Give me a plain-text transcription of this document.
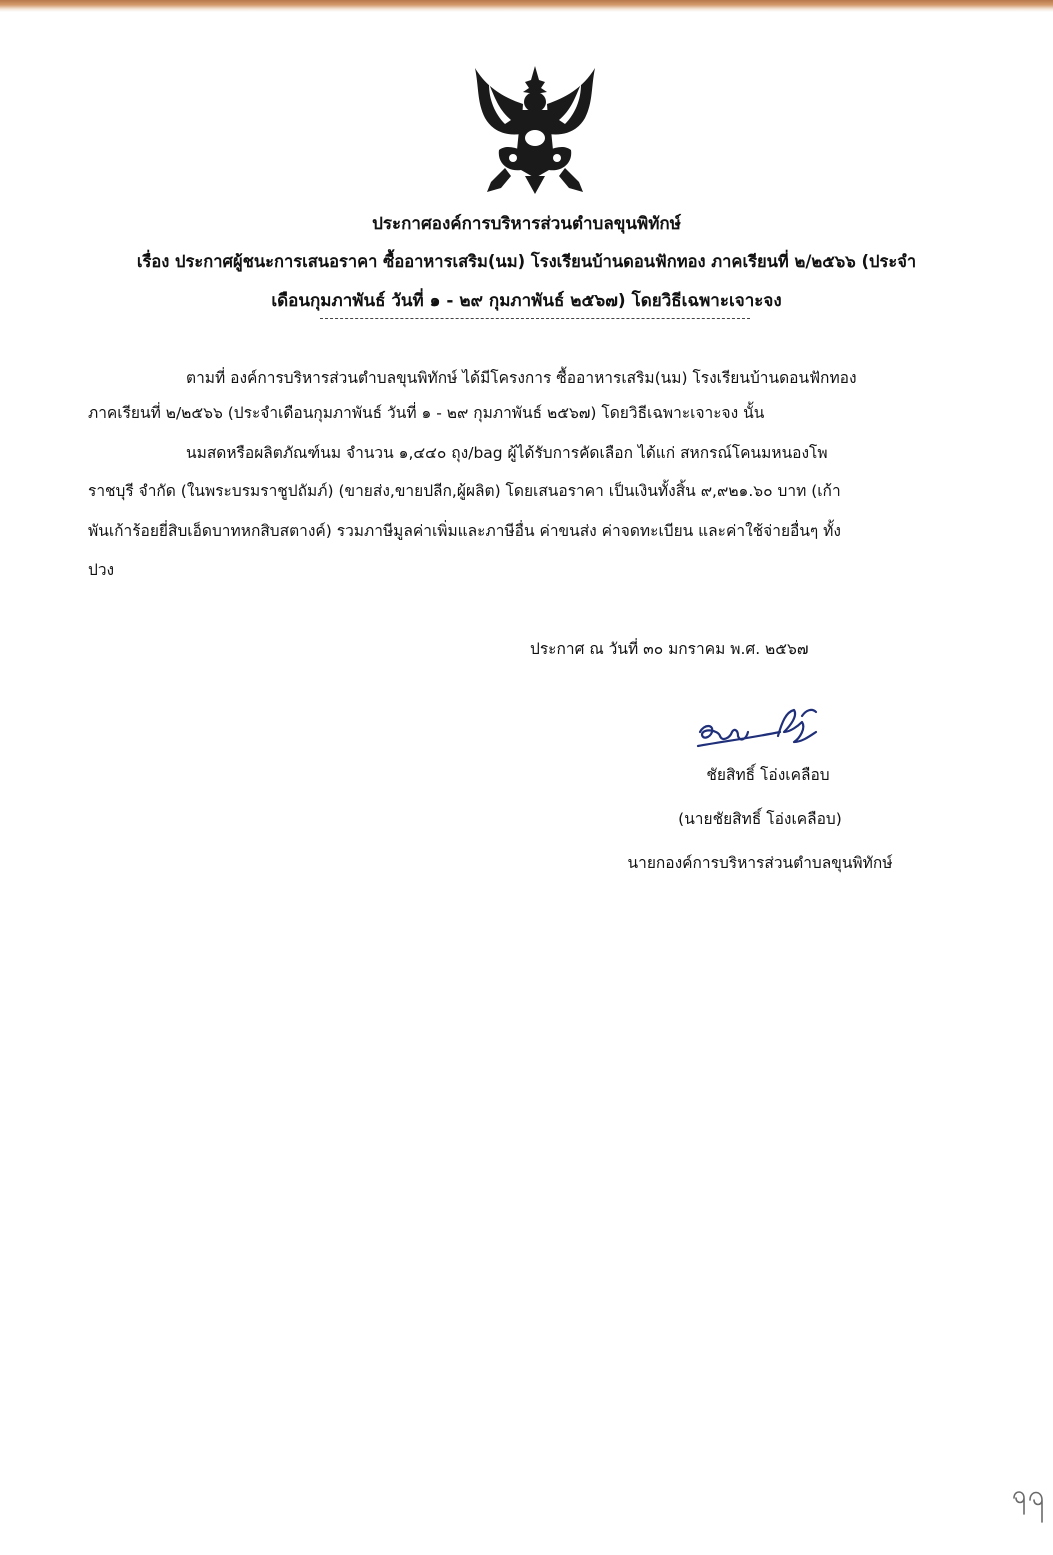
ประกาศองค์การบริหารส่วนตำบลขุนพิทักษ์
เรื่อง ประกาศผู้ชนะการเสนอราคา ซื้ออาหารเสริม(นม) โรงเรียนบ้านดอนฟักทอง ภาคเรียนที่ ๒/๒๕๖๖ (ประจำ
เดือนกุมภาพันธ์ วันที่ ๑ - ๒๙ กุมภาพันธ์ ๒๕๖๗) โดยวิธีเฉพาะเจาะจง
ตามที่ องค์การบริหารส่วนตำบลขุนพิทักษ์ ได้มีโครงการ ซื้ออาหารเสริม(นม) โรงเรียนบ้านดอนฟักทอง
ภาคเรียนที่ ๒/๒๕๖๖ (ประจำเดือนกุมภาพันธ์ วันที่ ๑ - ๒๙ กุมภาพันธ์ ๒๕๖๗) โดยวิธีเฉพาะเจาะจง นั้น
นมสดหรือผลิตภัณฑ์นม จำนวน ๑,๔๔๐ ถุง/bag ผู้ได้รับการคัดเลือก ได้แก่ สหกรณ์โคนมหนองโพ
ราชบุรี จำกัด (ในพระบรมราชูปถัมภ์) (ขายส่ง,ขายปลีก,ผู้ผลิต) โดยเสนอราคา เป็นเงินทั้งสิ้น ๙,๙๒๑.๖๐ บาท (เก้า
พันเก้าร้อยยี่สิบเอ็ดบาทหกสิบสตางค์) รวมภาษีมูลค่าเพิ่มและภาษีอื่น ค่าขนส่ง ค่าจดทะเบียน และค่าใช้จ่ายอื่นๆ ทั้ง
ปวง
ประกาศ ณ วันที่ ๓๐ มกราคม พ.ศ. ๒๕๖๗
ชัยสิทธิ์ โอ่งเคลือบ
(นายชัยสิทธิ์ โอ่งเคลือบ)
นายกองค์การบริหารส่วนตำบลขุนพิทักษ์
